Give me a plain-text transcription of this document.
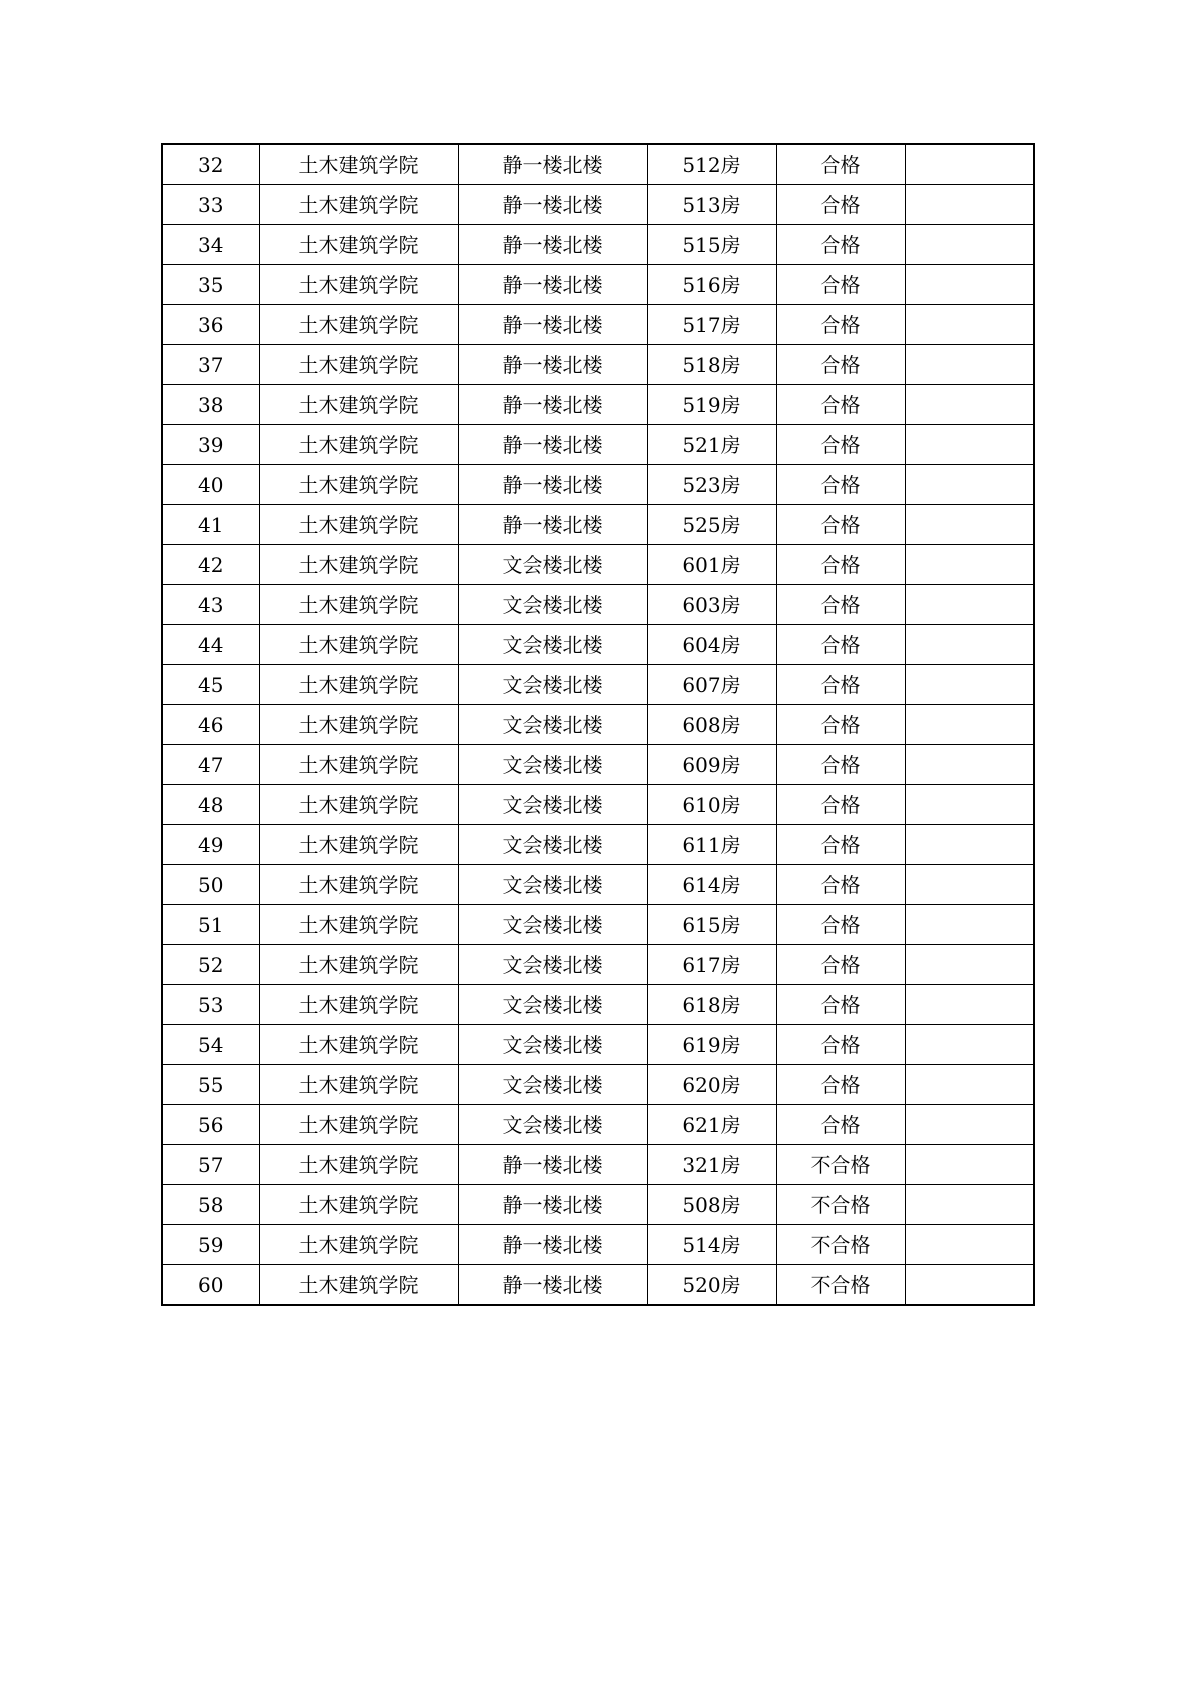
32	土木建筑学院	静一楼北楼	512房	合格	
33	土木建筑学院	静一楼北楼	513房	合格	
34	土木建筑学院	静一楼北楼	515房	合格	
35	土木建筑学院	静一楼北楼	516房	合格	
36	土木建筑学院	静一楼北楼	517房	合格	
37	土木建筑学院	静一楼北楼	518房	合格	
38	土木建筑学院	静一楼北楼	519房	合格	
39	土木建筑学院	静一楼北楼	521房	合格	
40	土木建筑学院	静一楼北楼	523房	合格	
41	土木建筑学院	静一楼北楼	525房	合格	
42	土木建筑学院	文会楼北楼	601房	合格	
43	土木建筑学院	文会楼北楼	603房	合格	
44	土木建筑学院	文会楼北楼	604房	合格	
45	土木建筑学院	文会楼北楼	607房	合格	
46	土木建筑学院	文会楼北楼	608房	合格	
47	土木建筑学院	文会楼北楼	609房	合格	
48	土木建筑学院	文会楼北楼	610房	合格	
49	土木建筑学院	文会楼北楼	611房	合格	
50	土木建筑学院	文会楼北楼	614房	合格	
51	土木建筑学院	文会楼北楼	615房	合格	
52	土木建筑学院	文会楼北楼	617房	合格	
53	土木建筑学院	文会楼北楼	618房	合格	
54	土木建筑学院	文会楼北楼	619房	合格	
55	土木建筑学院	文会楼北楼	620房	合格	
56	土木建筑学院	文会楼北楼	621房	合格	
57	土木建筑学院	静一楼北楼	321房	不合格	
58	土木建筑学院	静一楼北楼	508房	不合格	
59	土木建筑学院	静一楼北楼	514房	不合格	
60	土木建筑学院	静一楼北楼	520房	不合格	
